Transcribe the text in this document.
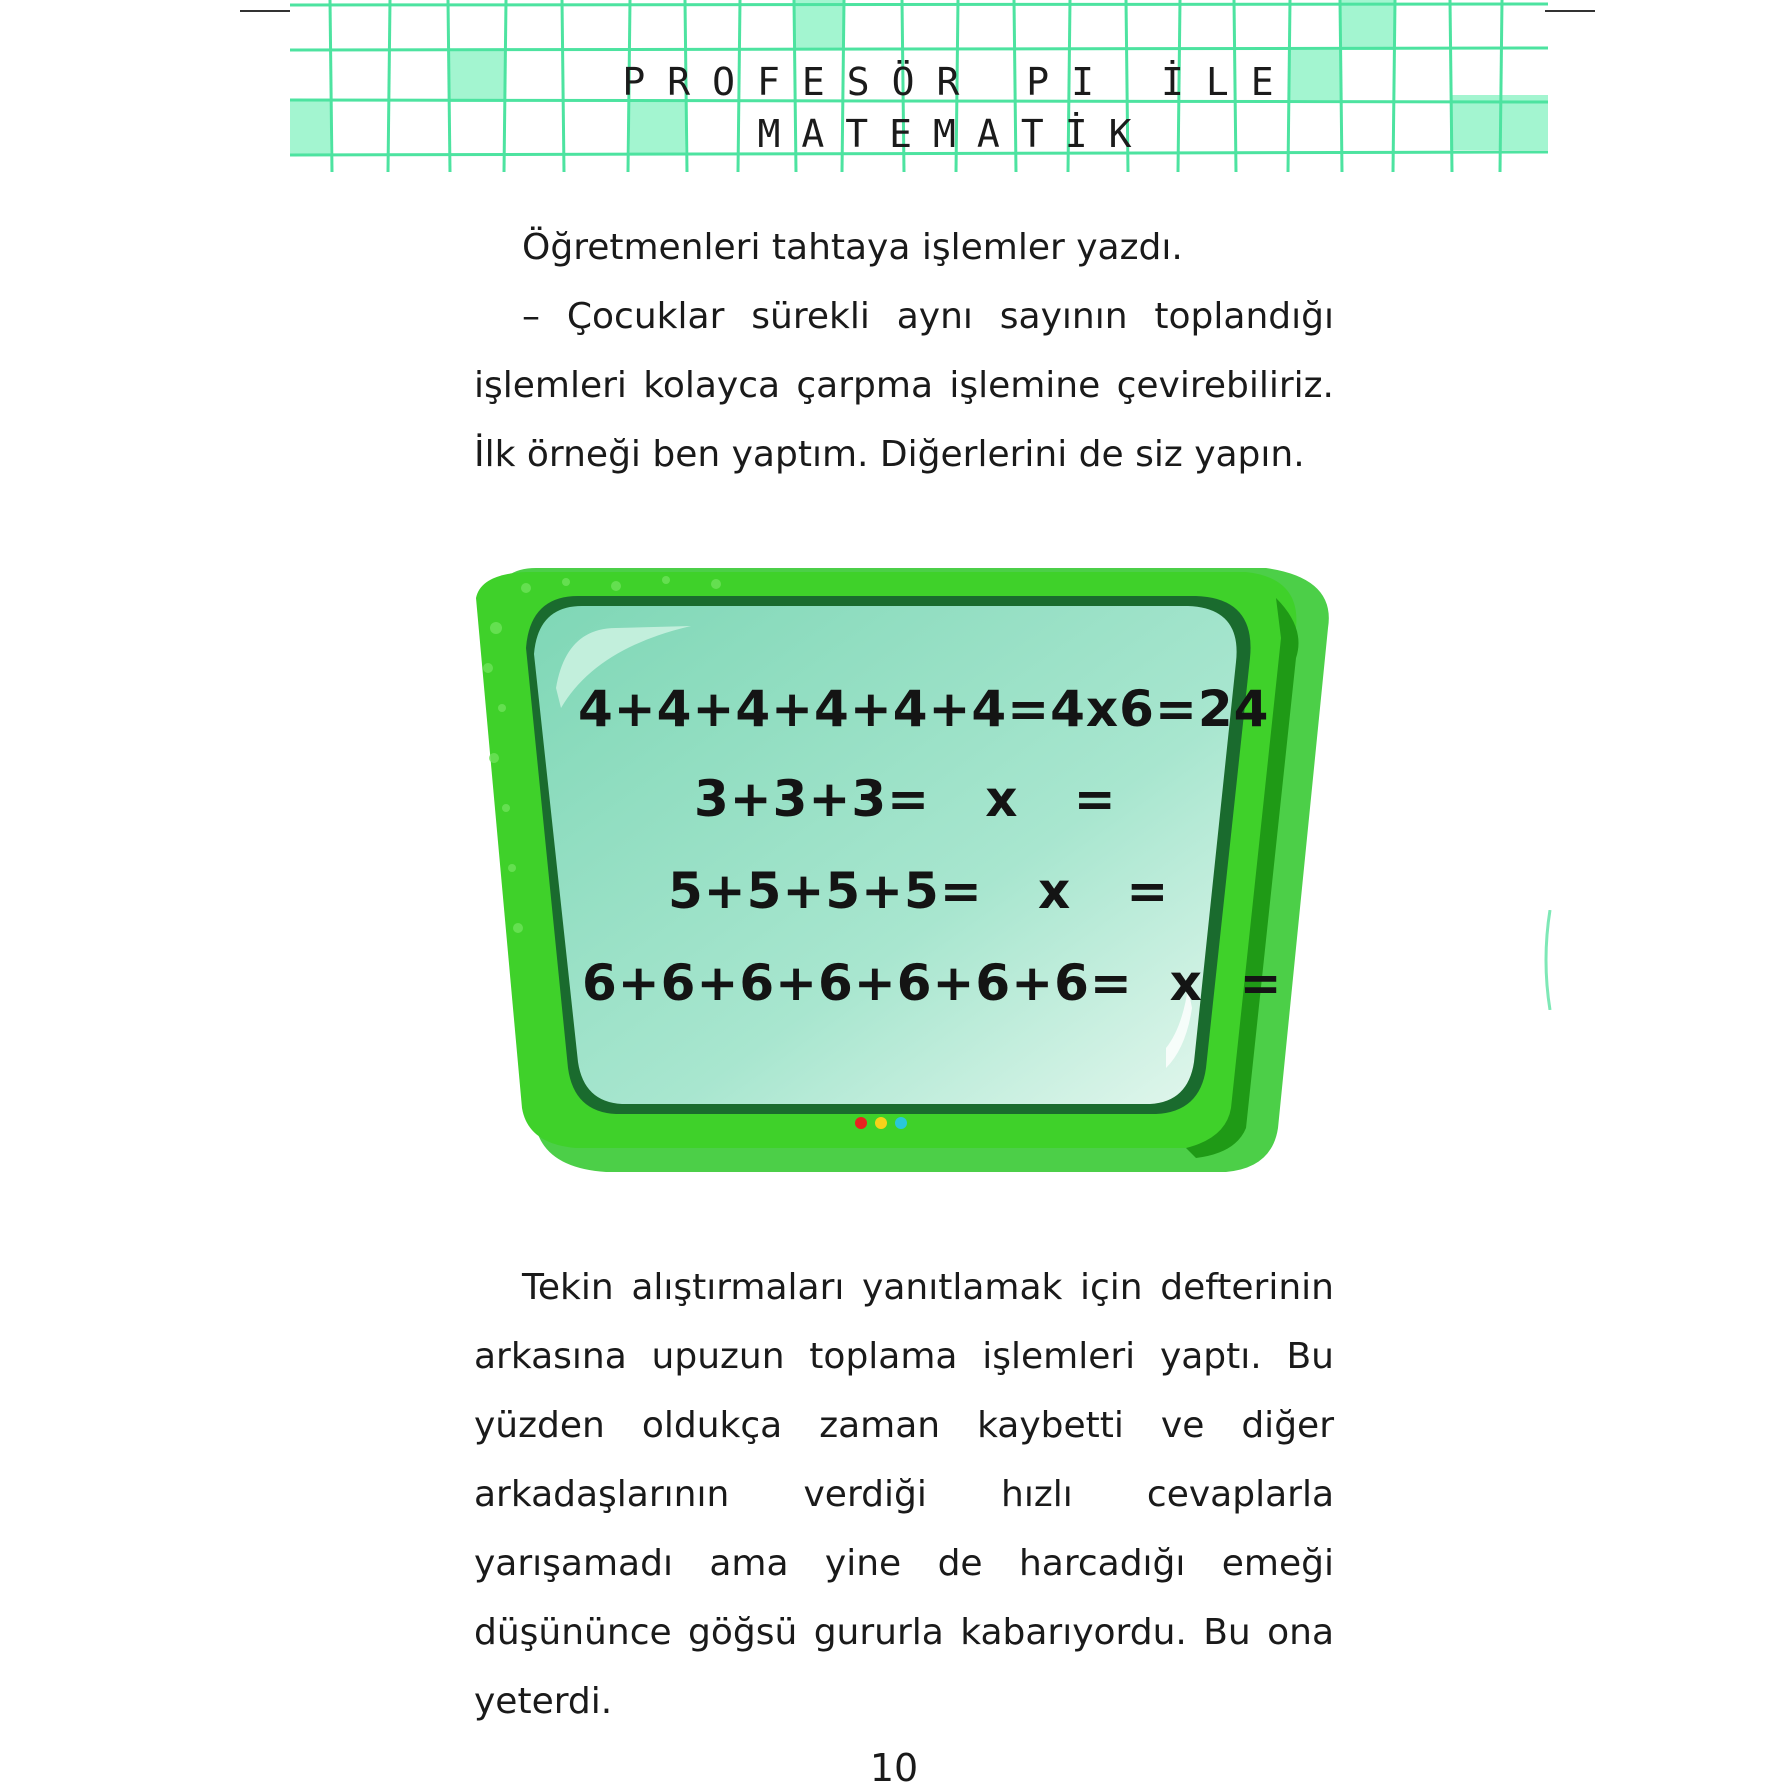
PROFESÖR PI İLE
MATEMATİK

Öğretmenleri tahtaya işlemler yazdı.

– Çocuklar sürekli aynı sayının toplandığı işlemleri kolayca çarpma işlemine çevirebiliriz. İlk örneği ben yaptım. Diğerlerini de siz yapın.

4+4+4+4+4+4=4x6=24
3+3+3=   x   =
5+5+5+5=   x   =
6+6+6+6+6+6+6=  x  =

Tekin alıştırmaları yanıtlamak için defterinin arkasına upuzun toplama işlemleri yaptı. Bu yüzden oldukça zaman kaybetti ve diğer arkadaşlarının verdiği hızlı cevaplarla yarışamadı ama yine de harcadığı emeği düşününce göğsü gururla kabarıyordu. Bu ona yeterdi.

10
